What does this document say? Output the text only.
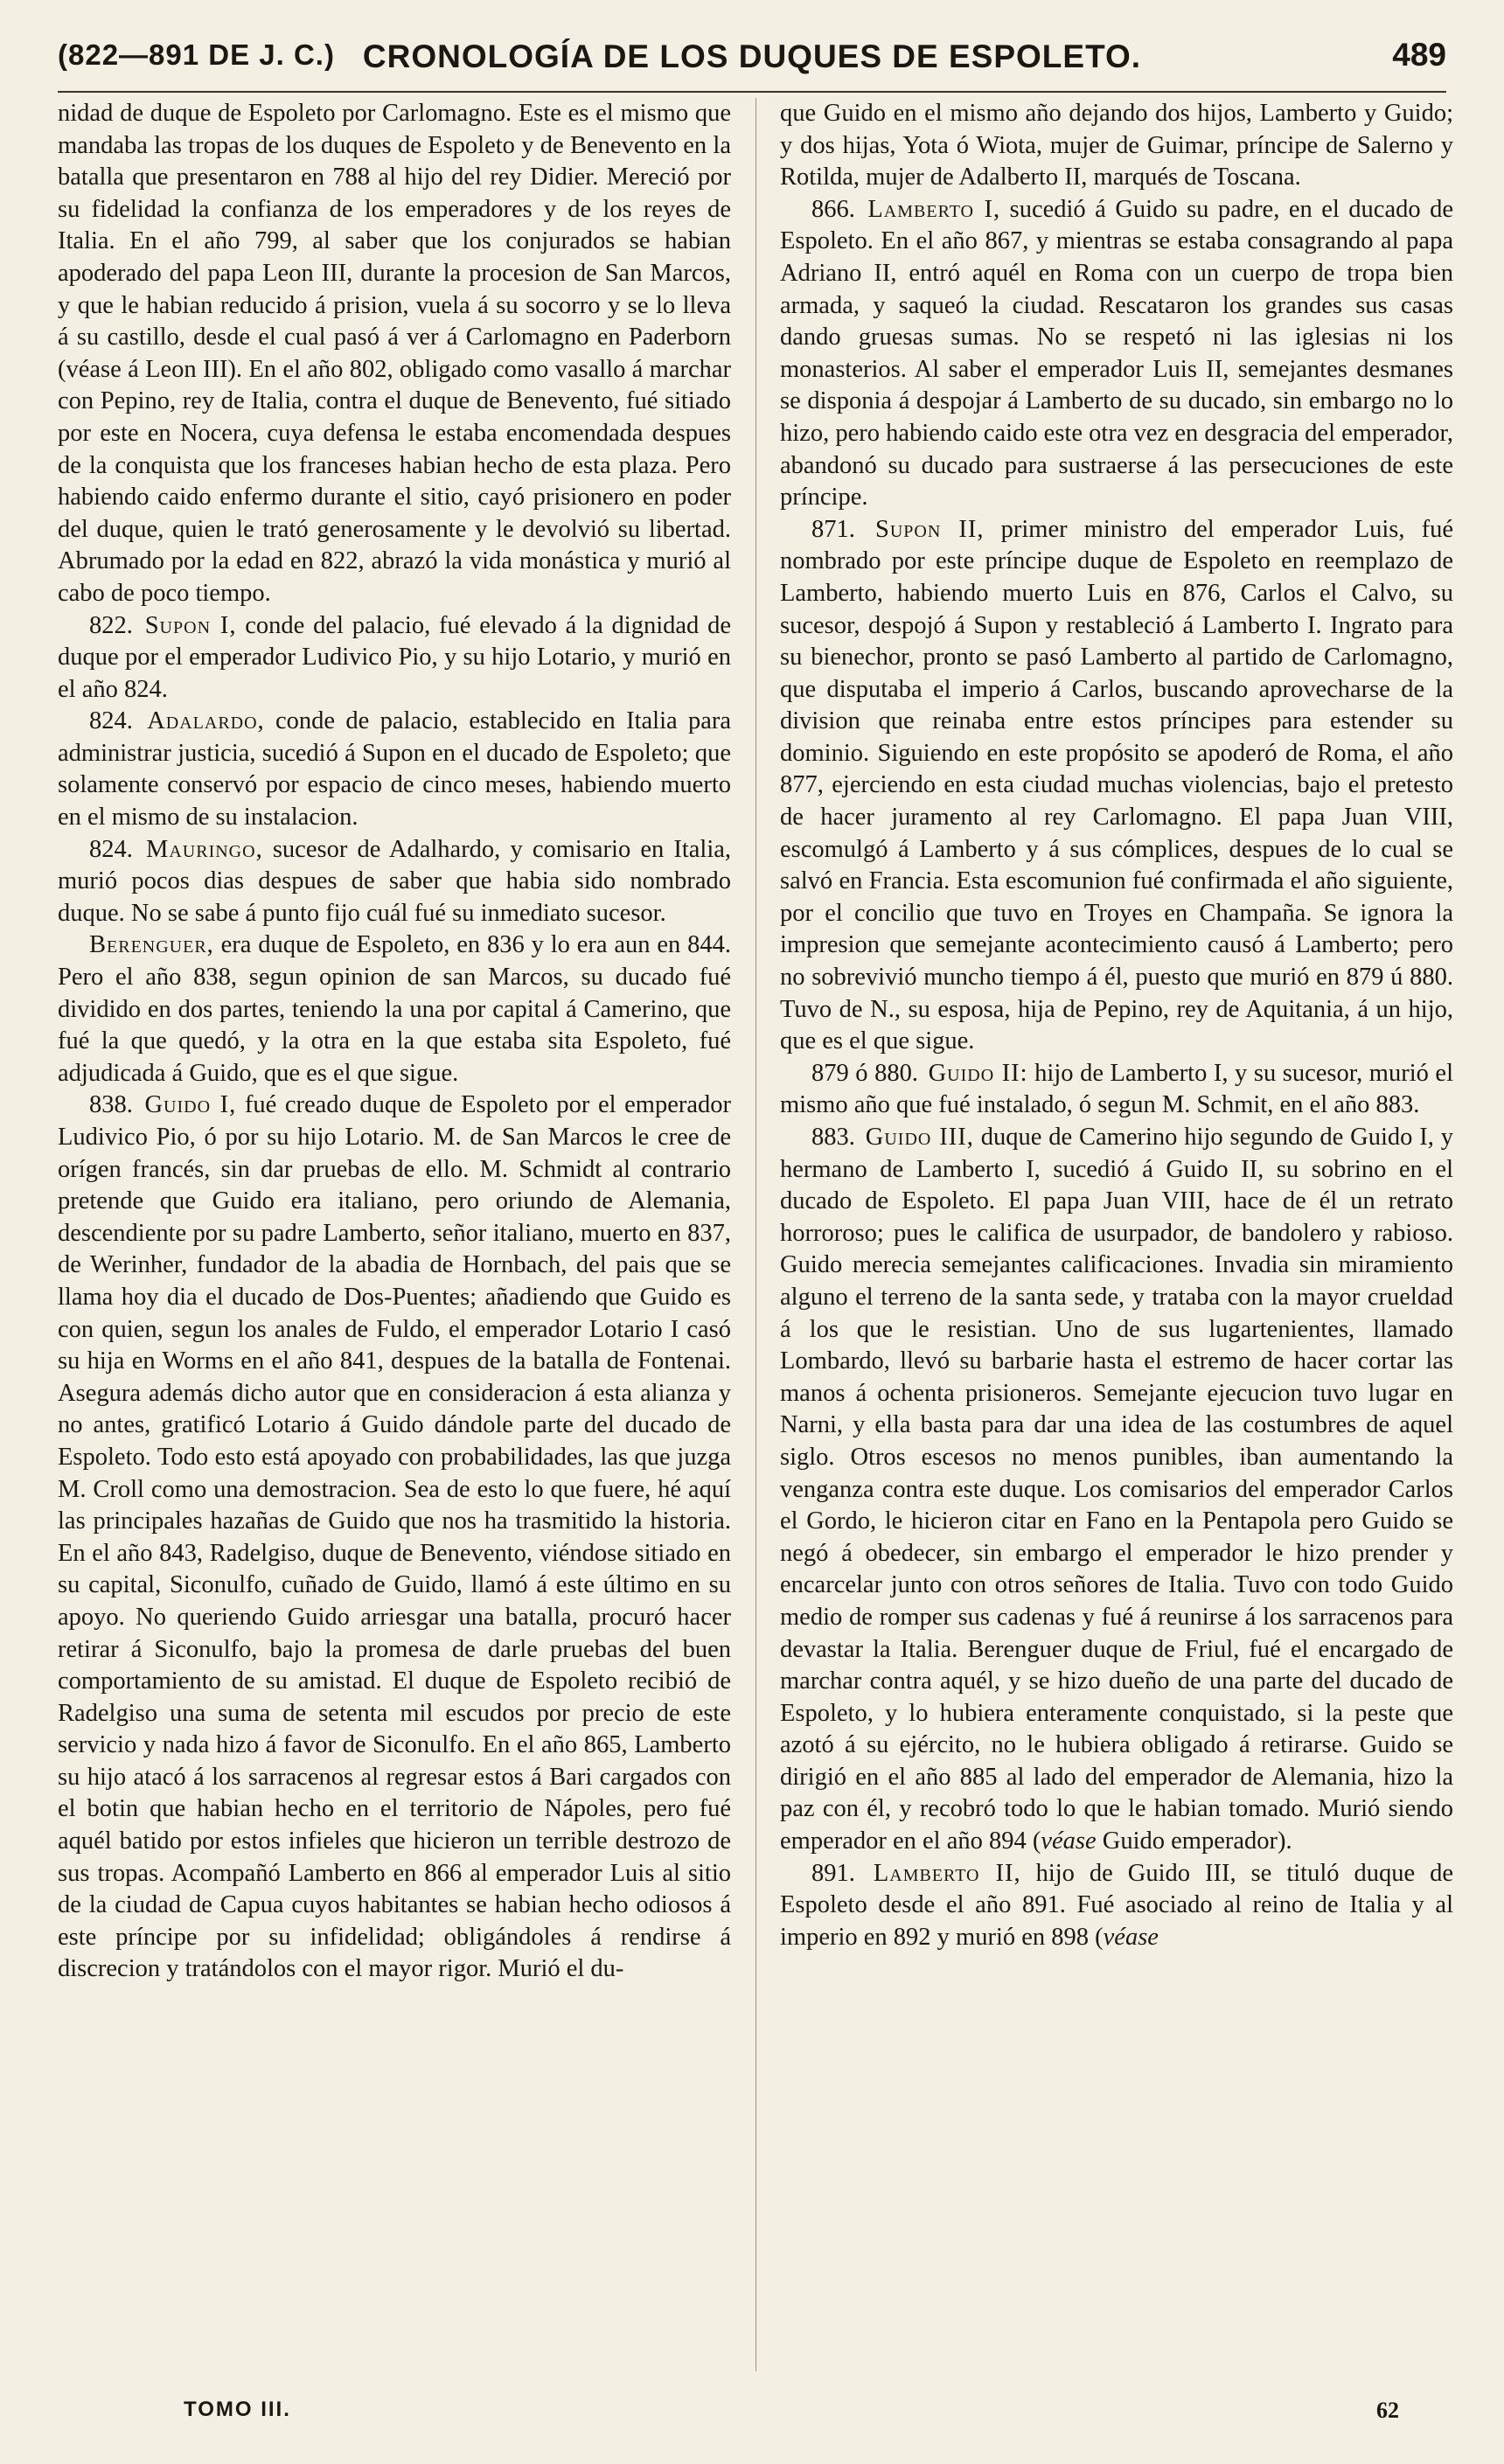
(822—891 DE J. C.) CRONOLOGÍA DE LOS DUQUES DE ESPOLETO.	489

nidad de duque de Espoleto por Carlomagno. Este es el mismo que mandaba las tropas de los duques de Espoleto y de Benevento en la batalla que presentaron en 788 al hijo del rey Didier. Mereció por su fidelidad la confianza de los emperadores y de los reyes de Italia. En el año 799, al saber que los conjurados se habian apoderado del papa Leon III, durante la procesion de San Marcos, y que le habian reducido á prision, vuela á su socorro y se lo lleva á su castillo, desde el cual pasó á ver á Carlomagno en Paderborn (véase á Leon III). En el año 802, obligado como vasallo á marchar con Pepino, rey de Italia, contra el duque de Benevento, fué sitiado por este en Nocera, cuya defensa le estaba encomendada despues de la conquista que los franceses habian hecho de esta plaza. Pero habiendo caido enfermo durante el sitio, cayó prisionero en poder del duque, quien le trató generosamente y le devolvió su libertad. Abrumado por la edad en 822, abrazó la vida monástica y murió al cabo de poco tiempo.

822. Supon I, conde del palacio, fué elevado á la dignidad de duque por el emperador Ludivico Pio, y su hijo Lotario, y murió en el año 824.

824. Adalardo, conde de palacio, establecido en Italia para administrar justicia, sucedió á Supon en el ducado de Espoleto; que solamente conservó por espacio de cinco meses, habiendo muerto en el mismo de su instalacion.

824. Mauringo, sucesor de Adalhardo, y comisario en Italia, murió pocos dias despues de saber que habia sido nombrado duque. No se sabe á punto fijo cuál fué su inmediato sucesor.

Berenguer, era duque de Espoleto, en 836 y lo era aun en 844. Pero el año 838, segun opinion de san Marcos, su ducado fué dividido en dos partes, teniendo la una por capital á Camerino, que fué la que quedó, y la otra en la que estaba sita Espoleto, fué adjudicada á Guido, que es el que sigue.

838. Guido I, fué creado duque de Espoleto por el emperador Ludivico Pio, ó por su hijo Lotario. M. de San Marcos le cree de orígen francés, sin dar pruebas de ello. M. Schmidt al contrario pretende que Guido era italiano, pero oriundo de Alemania, descendiente por su padre Lamberto, señor italiano, muerto en 837, de Werinher, fundador de la abadia de Hornbach, del pais que se llama hoy dia el ducado de Dos-Puentes; añadiendo que Guido es con quien, segun los anales de Fuldo, el emperador Lotario I casó su hija en Worms en el año 841, despues de la batalla de Fontenai. Asegura además dicho autor que en consideracion á esta alianza y no antes, gratificó Lotario á Guido dándole parte del ducado de Espoleto. Todo esto está apoyado con probabilidades, las que juzga M. Croll como una demostracion. Sea de esto lo que fuere, hé aquí las principales hazañas de Guido que nos ha trasmitido la historia. En el año 843, Radelgiso, duque de Benevento, viéndose sitiado en su capital, Siconulfo, cuñado de Guido, llamó á este último en su apoyo. No queriendo Guido arriesgar una batalla, procuró hacer retirar á Siconulfo, bajo la promesa de darle pruebas del buen comportamiento de su amistad. El duque de Espoleto recibió de Radelgiso una suma de setenta mil escudos por precio de este servicio y nada hizo á favor de Siconulfo. En el año 865, Lamberto su hijo atacó á los sarracenos al regresar estos á Bari cargados con el botin que habian hecho en el territorio de Nápoles, pero fué aquél batido por estos infieles que hicieron un terrible destrozo de sus tropas. Acompañó Lamberto en 866 al emperador Luis al sitio de la ciudad de Capua cuyos habitantes se habian hecho odiosos á este príncipe por su infidelidad; obligándoles á rendirse á discrecion y tratándolos con el mayor rigor. Murió el du-

que Guido en el mismo año dejando dos hijos, Lamberto y Guido; y dos hijas, Yota ó Wiota, mujer de Guimar, príncipe de Salerno y Rotilda, mujer de Adalberto II, marqués de Toscana.

866. Lamberto I, sucedió á Guido su padre, en el ducado de Espoleto. En el año 867, y mientras se estaba consagrando al papa Adriano II, entró aquél en Roma con un cuerpo de tropa bien armada, y saqueó la ciudad. Rescataron los grandes sus casas dando gruesas sumas. No se respetó ni las iglesias ni los monasterios. Al saber el emperador Luis II, semejantes desmanes se disponia á despojar á Lamberto de su ducado, sin embargo no lo hizo, pero habiendo caido este otra vez en desgracia del emperador, abandonó su ducado para sustraerse á las persecuciones de este príncipe.

871. Supon II, primer ministro del emperador Luis, fué nombrado por este príncipe duque de Espoleto en reemplazo de Lamberto, habiendo muerto Luis en 876, Carlos el Calvo, su sucesor, despojó á Supon y restableció á Lamberto I. Ingrato para su bienechor, pronto se pasó Lamberto al partido de Carlomagno, que disputaba el imperio á Carlos, buscando aprovecharse de la division que reinaba entre estos príncipes para estender su dominio. Siguiendo en este propósito se apoderó de Roma, el año 877, ejerciendo en esta ciudad muchas violencias, bajo el pretesto de hacer juramento al rey Carlomagno. El papa Juan VIII, escomulgó á Lamberto y á sus cómplices, despues de lo cual se salvó en Francia. Esta escomunion fué confirmada el año siguiente, por el concilio que tuvo en Troyes en Champaña. Se ignora la impresion que semejante acontecimiento causó á Lamberto; pero no sobrevivió muncho tiempo á él, puesto que murió en 879 ú 880. Tuvo de N., su esposa, hija de Pepino, rey de Aquitania, á un hijo, que es el que sigue.

879 ó 880. Guido II: hijo de Lamberto I, y su sucesor, murió el mismo año que fué instalado, ó segun M. Schmit, en el año 883.

883. Guido III, duque de Camerino hijo segundo de Guido I, y hermano de Lamberto I, sucedió á Guido II, su sobrino en el ducado de Espoleto. El papa Juan VIII, hace de él un retrato horroroso; pues le califica de usurpador, de bandolero y rabioso. Guido merecia semejantes calificaciones. Invadia sin miramiento alguno el terreno de la santa sede, y trataba con la mayor crueldad á los que le resistian. Uno de sus lugartenientes, llamado Lombardo, llevó su barbarie hasta el estremo de hacer cortar las manos á ochenta prisioneros. Semejante ejecucion tuvo lugar en Narni, y ella basta para dar una idea de las costumbres de aquel siglo. Otros escesos no menos punibles, iban aumentando la venganza contra este duque. Los comisarios del emperador Carlos el Gordo, le hicieron citar en Fano en la Pentapola pero Guido se negó á obedecer, sin embargo el emperador le hizo prender y encarcelar junto con otros señores de Italia. Tuvo con todo Guido medio de romper sus cadenas y fué á reunirse á los sarracenos para devastar la Italia. Berenguer duque de Friul, fué el encargado de marchar contra aquél, y se hizo dueño de una parte del ducado de Espoleto, y lo hubiera enteramente conquistado, si la peste que azotó á su ejército, no le hubiera obligado á retirarse. Guido se dirigió en el año 885 al lado del emperador de Alemania, hizo la paz con él, y recobró todo lo que le habian tomado. Murió siendo emperador en el año 894 (véase Guido emperador).

891. Lamberto II, hijo de Guido III, se tituló duque de Espoleto desde el año 891. Fué asociado al reino de Italia y al imperio en 892 y murió en 898 (véase

TOMO III.	62
